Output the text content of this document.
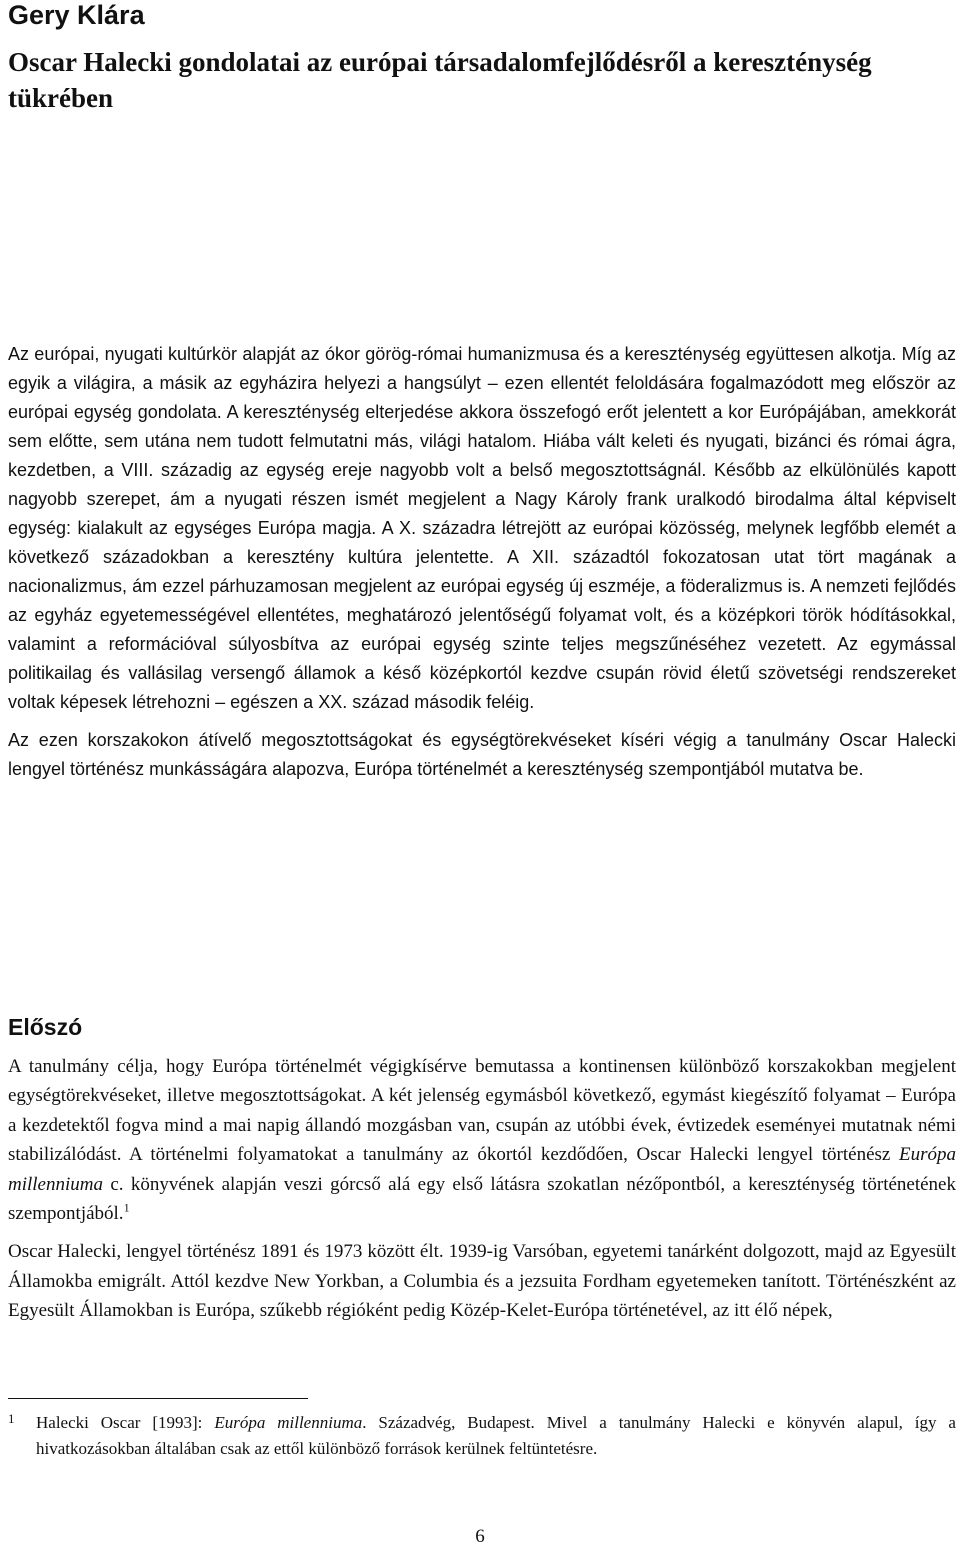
Gery Klára
Oscar Halecki gondolatai az európai társadalomfejlődésről a kereszténység tükrében

Az európai, nyugati kultúrkör alapját az ókor görög-római humanizmusa és a kereszténység együttesen alkotja. Míg az egyik a világira, a másik az egyházira helyezi a hangsúlyt – ezen ellentét feloldására fogalmazódott meg először az európai egység gondolata. A kereszténység elterjedése akkora összefogó erőt jelentett a kor Európájában, amekkorát sem előtte, sem utána nem tudott felmutatni más, világi hatalom. Hiába vált keleti és nyugati, bizánci és római ágra, kezdetben, a VIII. századig az egység ereje nagyobb volt a belső megosztottságnál. Később az elkülönülés kapott nagyobb szerepet, ám a nyugati részen ismét megjelent a Nagy Károly frank uralkodó birodalma által képviselt egység: kialakult az egységes Európa magja. A X. századra létrejött az európai közösség, melynek legfőbb elemét a következő századokban a keresztény kultúra jelentette. A XII. századtól fokozatosan utat tört magának a nacionalizmus, ám ezzel párhuzamosan megjelent az európai egység új eszméje, a föderalizmus is. A nemzeti fejlődés az egyház egyetemességével ellentétes, meghatározó jelentőségű folyamat volt, és a középkori török hódításokkal, valamint a reformációval súlyosbítva az európai egység szinte teljes megszűnéséhez vezetett. Az egymással politikailag és vallásilag versengő államok a késő középkortól kezdve csupán rövid életű szövetségi rendszereket voltak képesek létrehozni – egészen a XX. század második feléig.

Az ezen korszakokon átívelő megosztottságokat és egységtörekvéseket kíséri végig a tanulmány Oscar Halecki lengyel történész munkásságára alapozva, Európa történelmét a kereszténység szempontjából mutatva be.

Előszó

A tanulmány célja, hogy Európa történelmét végigkísérve bemutassa a kontinensen különböző korszakokban megjelent egységtörekvéseket, illetve megosztottságokat. A két jelenség egymásból következő, egymást kiegészítő folyamat – Európa a kezdetektől fogva mind a mai napig állandó mozgásban van, csupán az utóbbi évek, évtizedek eseményei mutatnak némi stabilizálódást. A történelmi folyamatokat a tanulmány az ókortól kezdődően, Oscar Halecki lengyel történész Európa millenniuma c. könyvének alapján veszi górcső alá egy első látásra szokatlan nézőpontból, a kereszténység történetének szempontjából.$^1$

Oscar Halecki, lengyel történész 1891 és 1973 között élt. 1939-ig Varsóban, egyetemi tanárként dolgozott, majd az Egyesült Államokba emigrált. Attól kezdve New Yorkban, a Columbia és a jezsuita Fordham egyetemeken tanított. Történészként az Egyesült Államokban is Európa, szűkebb régióként pedig Közép-Kelet-Európa történetével, az itt élő népek,

1 Halecki Oscar [1993]: Európa millenniuma. Századvég, Budapest. Mivel a tanulmány Halecki e könyvén alapul, így a hivatkozásokban általában csak az ettől különböző források kerülnek feltüntetésre.
6
